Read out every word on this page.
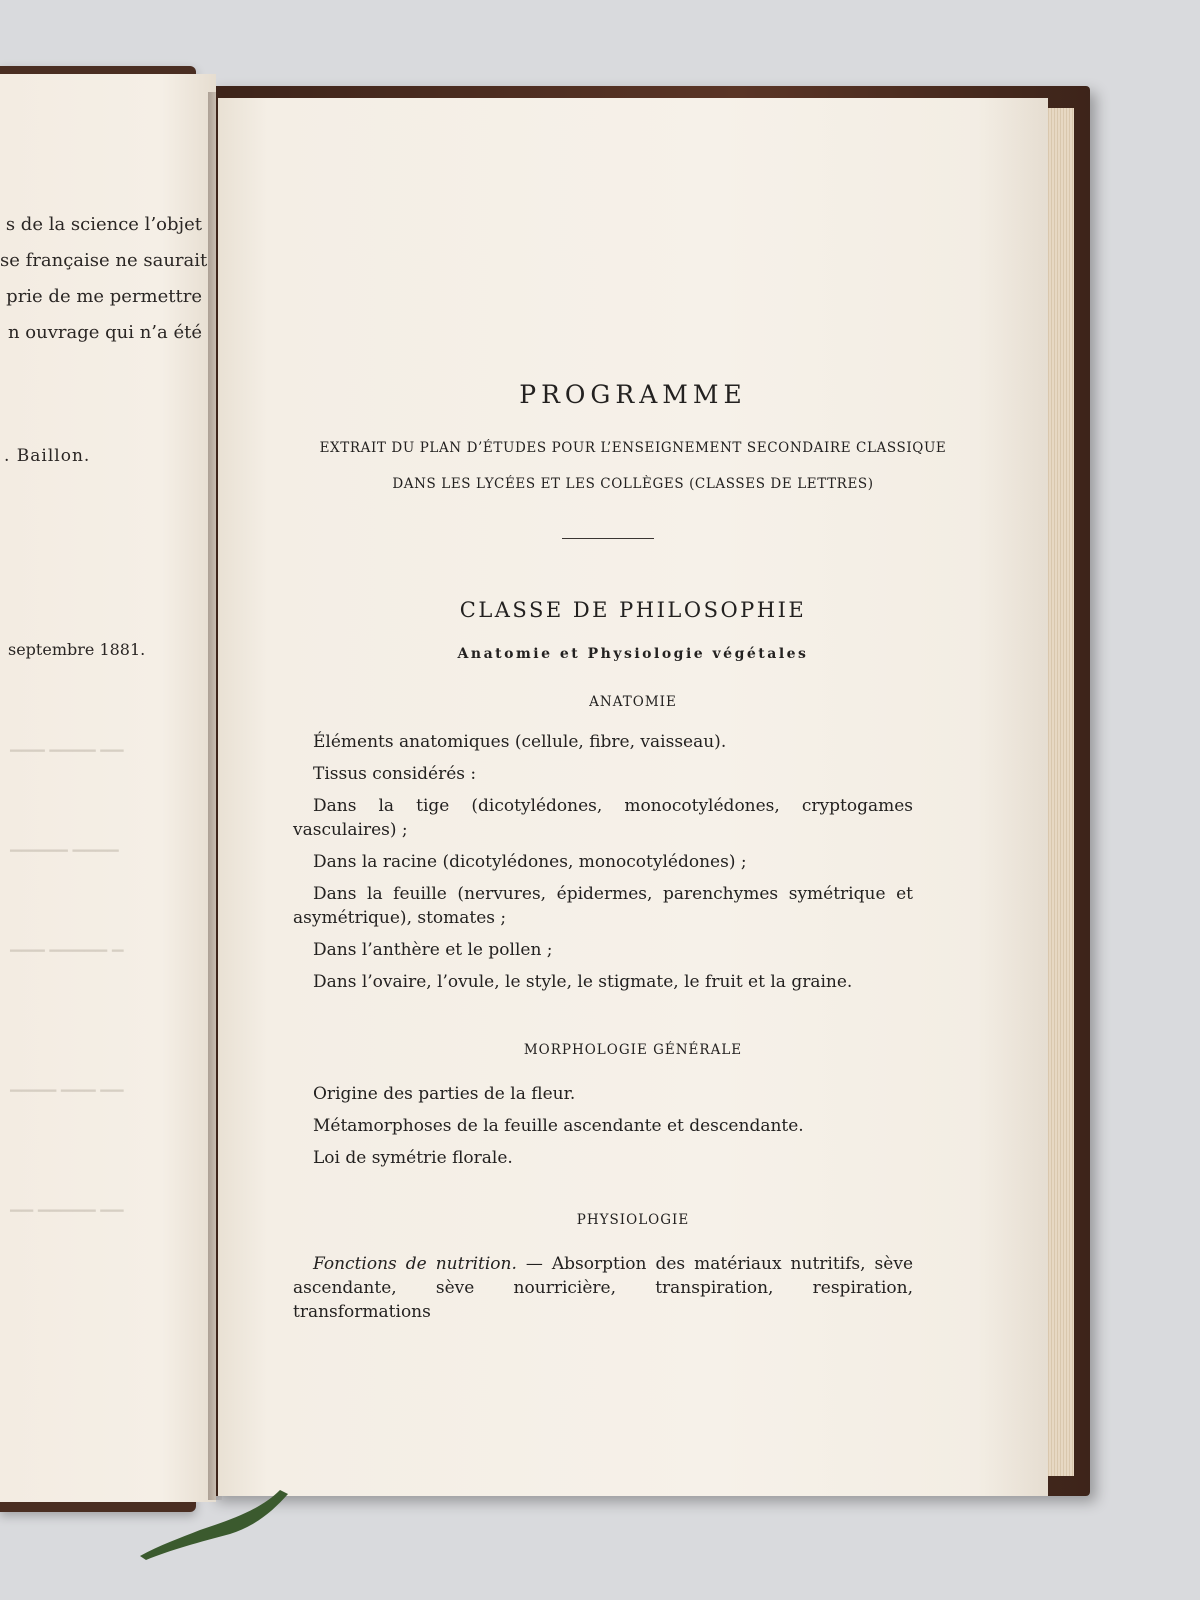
s de la science l’objet
se française ne saurait
prie de me permettre
n ouvrage qui n’a été
. Baillon.
septembre 1881.
▁▁▁ ▁▁▁▁ ▁▁
▁▁▁▁▁ ▁▁▁▁
▁▁▁ ▁▁▁▁▁ ▁
▁▁▁▁ ▁▁▁ ▁▁
▁▁ ▁▁▁▁▁ ▁▁
PROGRAMME
EXTRAIT DU PLAN D’ÉTUDES POUR L’ENSEIGNEMENT SECONDAIRE CLASSIQUE
DANS LES LYCÉES ET LES COLLÈGES (CLASSES DE LETTRES)
CLASSE DE PHILOSOPHIE
Anatomie et Physiologie végétales
ANATOMIE
Éléments anatomiques (cellule, fibre, vaisseau).
Tissus considérés :
Dans la tige (dicotylédones, monocotylédones, cryptogames vasculaires) ;
Dans la racine (dicotylédones, monocotylédones) ;
Dans la feuille (nervures, épidermes, parenchymes symétrique et asymétrique), stomates ;
Dans l’anthère et le pollen ;
Dans l’ovaire, l’ovule, le style, le stigmate, le fruit et la graine.
MORPHOLOGIE GÉNÉRALE
Origine des parties de la fleur.
Métamorphoses de la feuille ascendante et descendante.
Loi de symétrie florale.
PHYSIOLOGIE
Fonctions de nutrition. — Absorption des matériaux nutritifs, sève ascendante, sève nourricière, transpiration, respiration, transformations
